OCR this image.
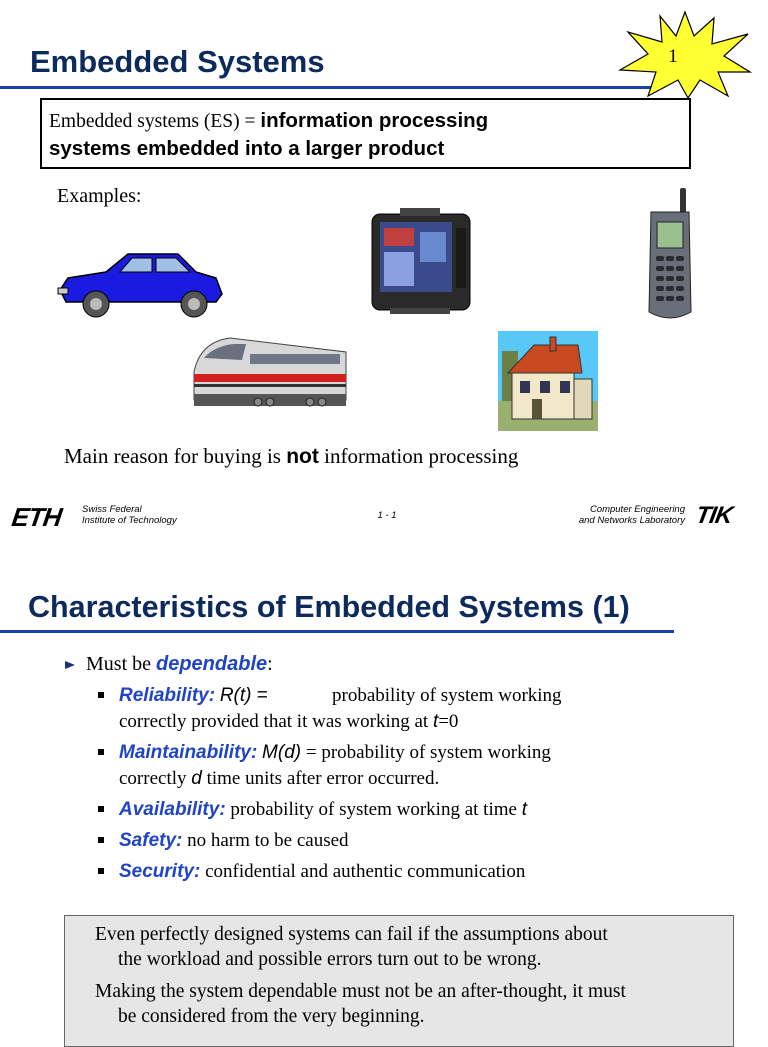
Embedded Systems	1
Embedded systems (ES) = information processing
systems embedded into a larger product
Examples:
Main reason for buying is not information processing
ETH Swiss Federal
Institute of Technology	1 - 1
Computer Engineering
and Networks Laboratory TIK
Characteristics of Embedded Systems (1)
Must be dependable:
Reliability: R(t) =	probability of system working
correctly provided that it was working at t=0
Maintainability: M(d) = probability of system working
correctly d time units after error occurred.
Availability: probability of system working at time t
Safety: no harm to be caused
Security: confidential and authentic communication
Even perfectly designed systems can fail if the assumptions about
the workload and possible errors turn out to be wrong.
Making the system dependable must not be an after-thought, it must
be considered from the very beginning.
